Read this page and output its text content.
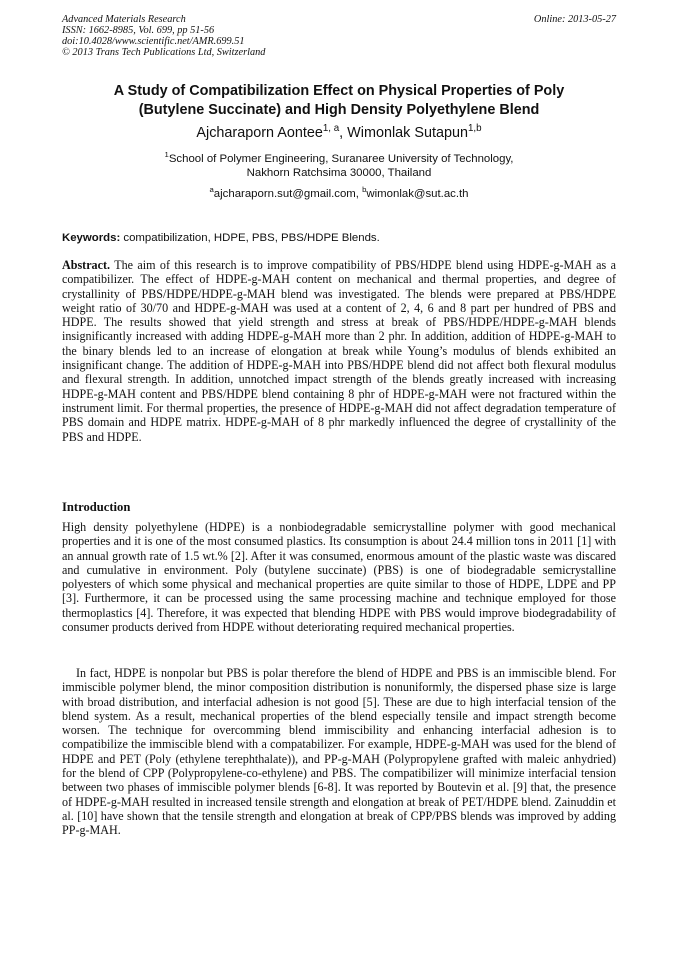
Advanced Materials Research
ISSN: 1662-8985, Vol. 699, pp 51-56
doi:10.4028/www.scientific.net/AMR.699.51
© 2013 Trans Tech Publications Ltd, Switzerland
Online: 2013-05-27
A Study of Compatibilization Effect on Physical Properties of Poly
(Butylene Succinate) and High Density Polyethylene Blend
Ajcharaporn Aontee$^{1, a}$, Wimonlak Sutapun$^{1,b}$
$^1$School of Polymer Engineering, Suranaree University of Technology,
Nakhorn Ratchsima 30000, Thailand
$^a$ajcharaporn.sut@gmail.com, $^b$wimonlak@sut.ac.th
Keywords: compatibilization, HDPE, PBS, PBS/HDPE Blends.
Abstract. The aim of this research is to improve compatibility of PBS/HDPE blend using HDPE-g-MAH as a compatibilizer. The effect of HDPE-g-MAH content on mechanical and thermal properties, and degree of crystallinity of PBS/HDPE/HDPE-g-MAH blend was investigated. The blends were prepared at PBS/HDPE weight ratio of 30/70 and HDPE-g-MAH was used at a content of 2, 4, 6 and 8 part per hundred of PBS and HDPE. The results showed that yield strength and stress at break of PBS/HDPE/HDPE-g-MAH blends insignificantly increased with adding HDPE-g-MAH more than 2 phr. In addition, addition of HDPE-g-MAH to the binary blends led to an increase of elongation at break while Young’s modulus of blends exhibited an insignificant change. The addition of HDPE-g-MAH into PBS/HDPE blend did not affect both flexural modulus and flexural strength. In addition, unnotched impact strength of the blends greatly increased with increasing HDPE-g-MAH content and PBS/HDPE blend containing 8 phr of HDPE-g-MAH were not fractured within the instrument limit. For thermal properties, the presence of HDPE-g-MAH did not affect degradation temperature of PBS domain and HDPE matrix. HDPE-g-MAH of 8 phr markedly influenced the degree of crystallinity of the PBS and HDPE.
Introduction
High density polyethylene (HDPE) is a nonbiodegradable semicrystalline polymer with good mechanical properties and it is one of the most consumed plastics. Its consumption is about 24.4 million tons in 2011 [1] with an annual growth rate of 1.5 wt.% [2]. After it was consumed, enormous amount of the plastic waste was discared and cumulative in environment. Poly (butylene succinate) (PBS) is one of biodegradable semicrystalline polyesters of which some physical and mechanical properties are quite similar to those of HDPE, LDPE and PP [3]. Furthermore, it can be processed using the same processing machine and technique employed for those thermoplastics [4]. Therefore, it was expected that blending HDPE with PBS would improve biodegradability of consumer products derived from HDPE without deteriorating required mechanical properties.
In fact, HDPE is nonpolar but PBS is polar therefore the blend of HDPE and PBS is an immiscible blend. For immiscible polymer blend, the minor composition distribution is nonuniformly, the dispersed phase size is large with broad distribution, and interfacial adhesion is not good [5]. These are due to high interfacial tension of the blend system. As a result, mechanical properties of the blend especially tensile and impact strength become worsen. The technique for overcomming blend immiscibility and enhancing interfacial adhesion is to compatibilize the immiscible blend with a compatabilizer. For example, HDPE-g-MAH was used for the blend of HDPE and PET (Poly (ethylene terephthalate)), and PP-g-MAH (Polypropylene grafted with maleic anhydried) for the blend of CPP (Polypropylene-co-ethylene) and PBS. The compatibilizer will minimize interfacial tension between two phases of immiscible polymer blends [6-8]. It was reported by Boutevin et al. [9] that, the presence of HDPE-g-MAH resulted in increased tensile strength and elongation at break of PET/HDPE blend. Zainuddin et al. [10] have shown that the tensile strength and elongation at break of CPP/PBS blends was improved by adding PP-g-MAH.
